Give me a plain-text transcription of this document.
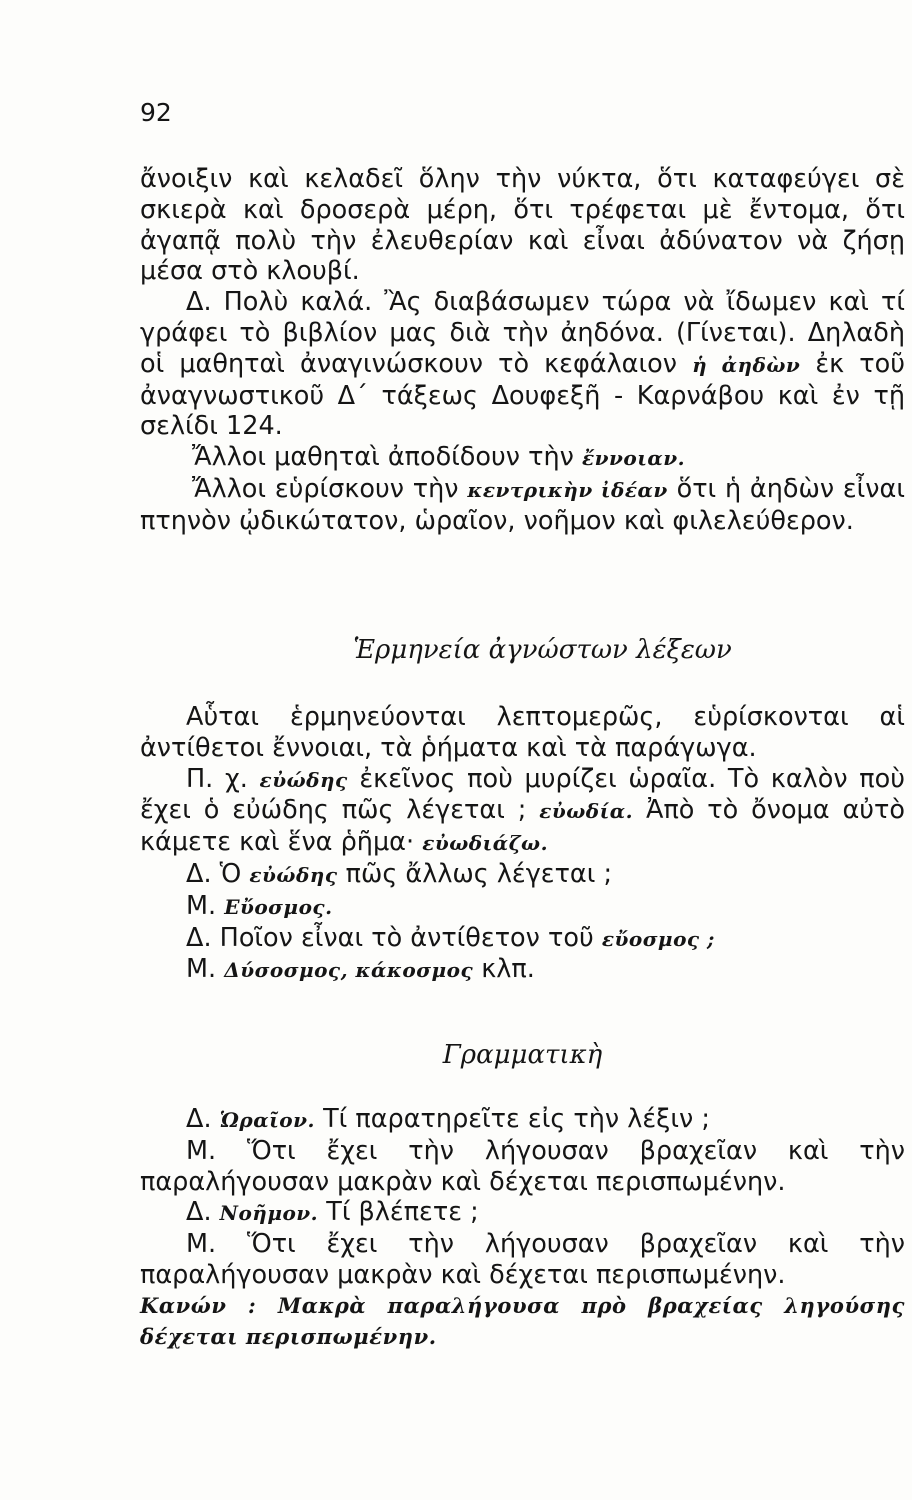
92

ἄνοιξιν καὶ κελαδεῖ ὅλην τὴν νύκτα, ὅτι καταφεύγει σὲ σκιερὰ καὶ δροσερὰ μέρη, ὅτι τρέφεται μὲ ἔντομα, ὅτι ἀγαπᾷ πολὺ τὴν ἐλευθερίαν καὶ εἶναι ἀδύνατον νὰ ζήσῃ μέσα στὸ κλουβί.

Δ. Πολὺ καλά. Ἂς διαβάσωμεν τώρα νὰ ἴδωμεν καὶ τί γράφει τὸ βιβλίον μας διὰ τὴν ἀηδόνα. (Γίνεται). Δηλαδὴ οἱ μαθηταὶ ἀναγινώσκουν τὸ κεφάλαιον ἡ ἀηδὼν ἐκ τοῦ ἀναγνωστικοῦ Δ΄ τάξεως Δουφεξῆ - Καρνάβου καὶ ἐν τῇ σελίδι 124.

Ἄλλοι μαθηταὶ ἀποδίδουν τὴν ἔννοιαν.

Ἄλλοι εὑρίσκουν τὴν κεντρικὴν ἰδέαν ὅτι ἡ ἀηδὼν εἶναι πτηνὸν ᾠδικώτατον, ὡραῖον, νοῆμον καὶ φιλελεύθερον.

Ἑρμηνεία ἀγνώστων λέξεων

Αὗται ἑρμηνεύονται λεπτομερῶς, εὑρίσκονται αἱ ἀντίθετοι ἔννοιαι, τὰ ῥήματα καὶ τὰ παράγωγα.

Π. χ. εὐώδης ἐκεῖνος ποὺ μυρίζει ὡραῖα. Τὸ καλὸν ποὺ ἔχει ὁ εὐώδης πῶς λέγεται ; εὐωδία. Ἀπὸ τὸ ὄνομα αὐτὸ κάμετε καὶ ἕνα ῥῆμα· εὐωδιάζω.

Δ. Ὁ εὐώδης πῶς ἄλλως λέγεται ;

Μ. Εὔοσμος.

Δ. Ποῖον εἶναι τὸ ἀντίθετον τοῦ εὔοσμος ;

Μ. Δύσοσμος, κάκοσμος κλπ.

Γραμματικὴ

Δ. Ὡραῖον. Τί παρατηρεῖτε εἰς τὴν λέξιν ;

Μ. Ὅτι ἔχει τὴν λήγουσαν βραχεῖαν καὶ τὴν παραλήγουσαν μακρὰν καὶ δέχεται περισπωμένην.

Δ. Νοῆμον. Τί βλέπετε ;

Μ. Ὅτι ἔχει τὴν λήγουσαν βραχεῖαν καὶ τὴν παραλήγουσαν μακρὰν καὶ δέχεται περισπωμένην.

Κανών : Μακρὰ παραλήγουσα πρὸ βραχείας ληγούσης δέχεται περισπωμένην.
